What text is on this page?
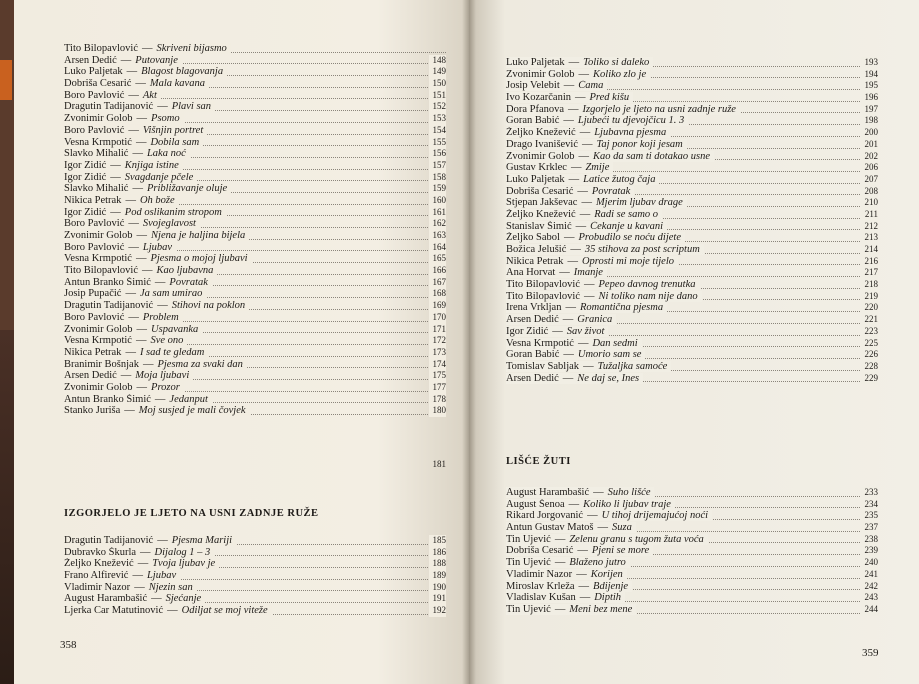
Tito Bilopavlović — Skriveni bijasmo
Arsen Dedić — Putovanje	148
Luko Paljetak — Blagost blagovanja	149
Dobriša Cesarić — Mala kavana	150
Boro Pavlović — Akt	151
Dragutin Tadijanović — Plavi san	152
Zvonimir Golob — Psomo	153
Boro Pavlović — Višnjin portret	154
Vesna Krmpotić — Dobila sam	155
Slavko Mihalić — Laka noć	156
Igor Zidić — Knjiga istine	157
Igor Zidić — Svagdanje pčele	158
Slavko Mihalić — Približavanje oluje	159
Nikica Petrak — Oh bože	160
Igor Zidić — Pod oslikanim stropom	161
Boro Pavlović — Svojeglavost	162
Zvonimir Golob — Njena je haljina bijela	163
Boro Pavlović — Ljubav	164
Vesna Krmpotić — Pjesma o mojoj ljubavi	165
Tito Bilopavlović — Kao ljubavna	166
Antun Branko Šimić — Povratak	167
Josip Pupačić — Ja sam umirao	168
Dragutin Tadijanović — Stihovi na poklon	169
Boro Pavlović — Problem	170
Zvonimir Golob — Uspavanka	171
Vesna Krmpotić — Sve ono	172
Nikica Petrak — I sad te gledam	173
Branimir Bošnjak — Pjesma za svaki dan	174
Arsen Dedić — Moja ljubavi	175
Zvonimir Golob — Prozor	177
Antun Branko Šimić — Jedanput	178
Stanko Juriša — Moj susjed je mali čovjek	180
181
IZGORJELO JE LJETO NA USNI ZADNJE RUŽE
Dragutin Tadijanović — Pjesma Mariji	185
Dubravko Škurla — Dijalog 1 – 3	186
Željko Knežević — Tvoja ljubav je	188
Frano Alfirević — Ljubav	189
Vladimir Nazor — Njezin san	190
August Harambašić — Sjećanje	191
Ljerka Car Matutinović — Odiljat se moj viteže	192
358
Luko Paljetak — Toliko si daleko	193
Zvonimir Golob — Koliko zlo je	194
Josip Velebit — Čama	195
Ivo Kozarčanin — Pred kišu	196
Dora Pfanova — Izgorjelo je ljeto na usni zadnje ruže	197
Goran Babić — Ljubeći tu djevojčicu 1. 3	198
Željko Knežević — Ljubavna pjesma	200
Drago Ivanišević — Taj ponor koji jesam	201
Zvonimir Golob — Kao da sam ti dotakao usne	202
Gustav Krklec — Zmije	206
Luko Paljetak — Latice žutog čaja	207
Dobriša Cesarić — Povratak	208
Stjepan Jakševac — Mjerim ljubav drage	210
Željko Knežević — Radi se samo o	211
Stanislav Šimić — Čekanje u kavani	212
Željko Sabol — Probudilo se noću dijete	213
Božica Jelušić — 35 stihova za post scriptum	214
Nikica Petrak — Oprosti mi moje tijelo	216
Ana Horvat — Imanje	217
Tito Bilopavlović — Pepeo davnog trenutka	218
Tito Bilopavlović — Ni toliko nam nije dano	219
Irena Vrkljan — Romantična pjesma	220
Arsen Dedić — Granica	221
Igor Zidić — Sav život	223
Vesna Krmpotić — Dan sedmi	225
Goran Babić — Umorio sam se	226
Tomislav Sabljak — Tužaljka samoće	228
Arsen Dedić — Ne daj se, Ines	229
LIŠĆE ŽUTI
August Harambašić — Suho lišće	233
August Šenoa — Koliko li ljubav traje	234
Rikard Jorgovanić — U tihoj drijemajućoj noći	235
Antun Gustav Matoš — Suza	237
Tin Ujević — Zelenu granu s tugom žuta voća	238
Dobriša Cesarić — Pjeni se more	239
Tin Ujević — Blaženo jutro	240
Vladimir Nazor — Korijen	241
Miroslav Krleža — Bdijenje	242
Vladislav Kušan — Diptih	243
Tin Ujević — Meni bez mene	244
359
